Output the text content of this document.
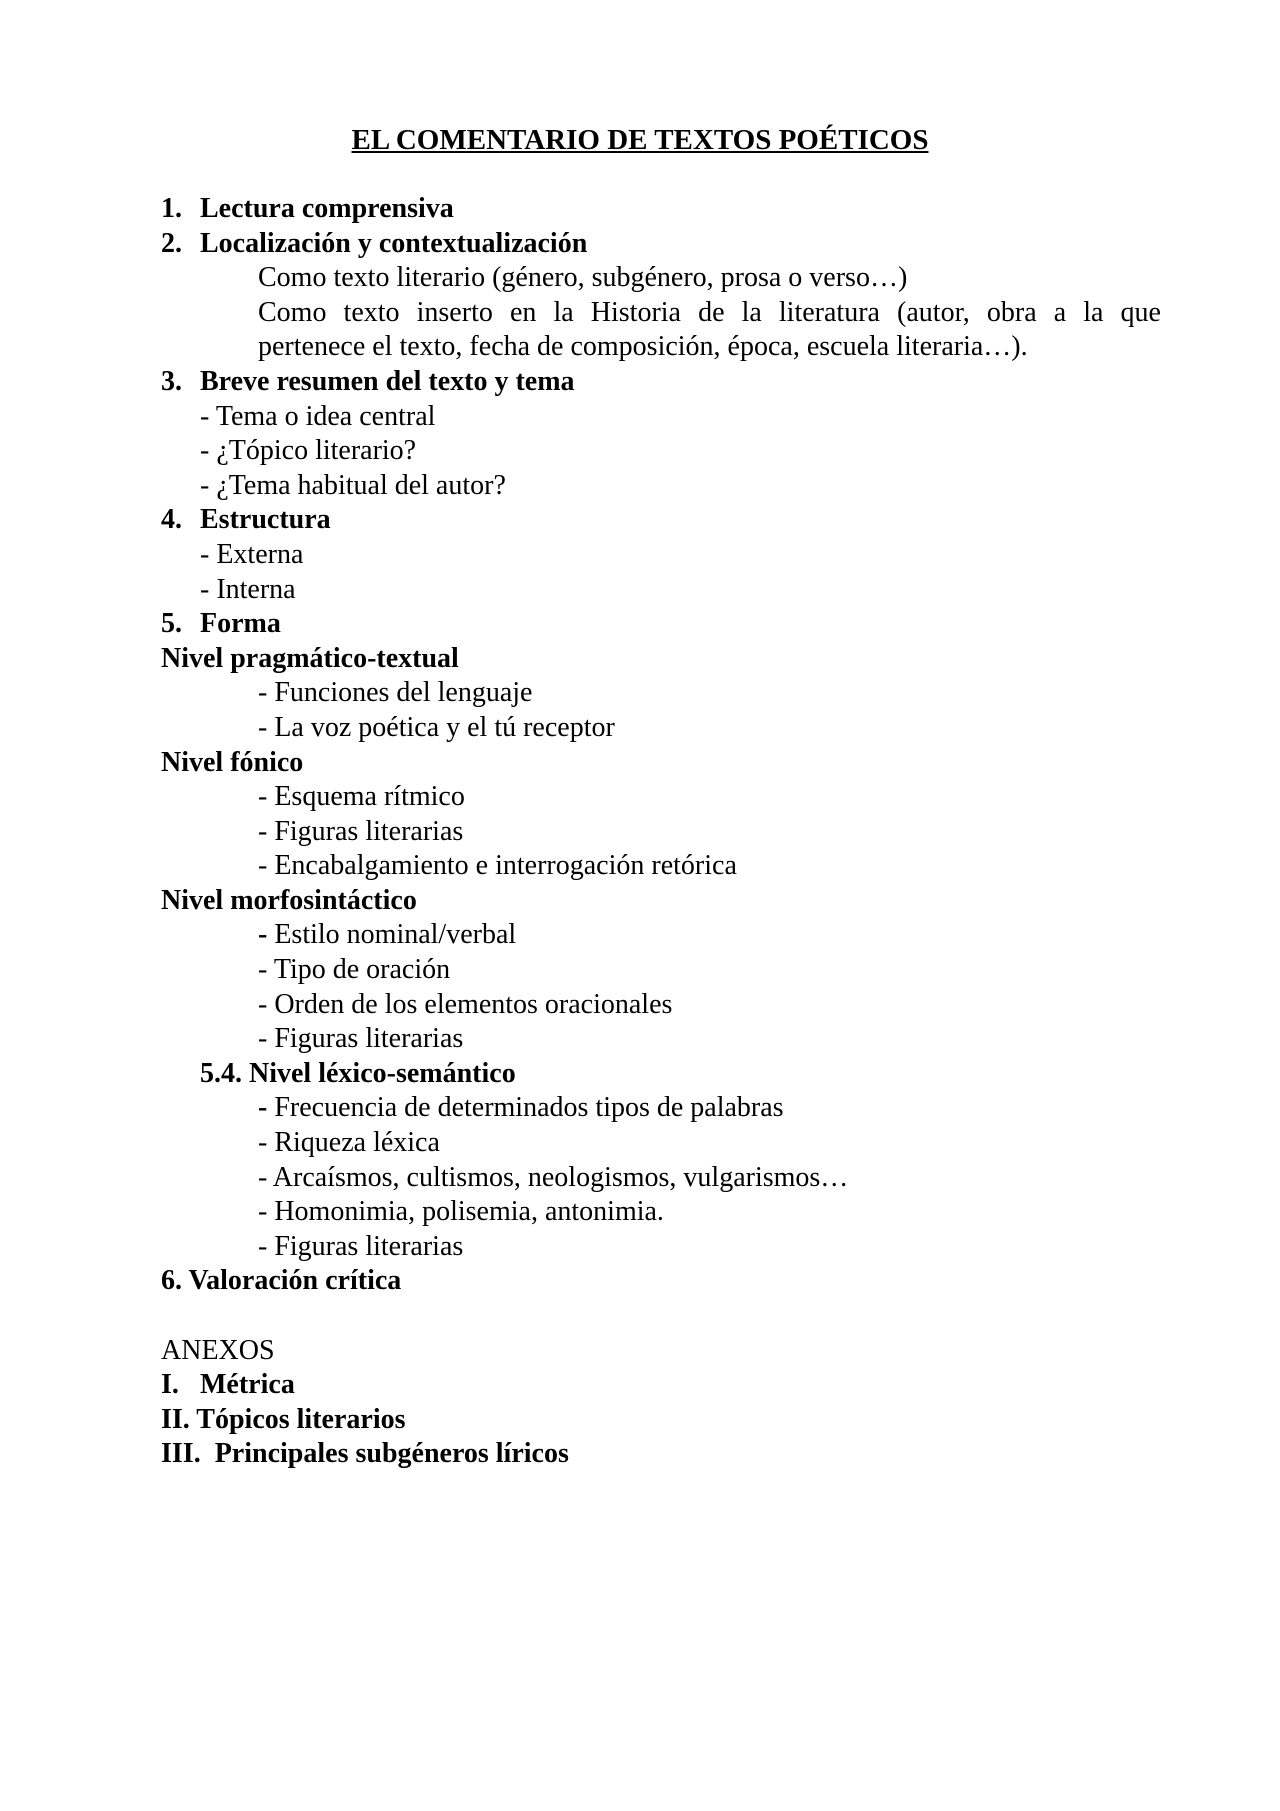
EL COMENTARIO DE TEXTOS POÉTICOS
1. Lectura comprensiva
2. Localización y contextualización
Como texto literario (género, subgénero, prosa o verso…)
Como texto inserto en la Historia de la literatura (autor, obra a la que
pertenece el texto, fecha de composición, época, escuela literaria…).
3. Breve resumen del texto y tema
- Tema o idea central
- ¿Tópico literario?
- ¿Tema habitual del autor?
4. Estructura
- Externa
- Interna
5. Forma
Nivel pragmático-textual
- Funciones del lenguaje
- La voz poética y el tú receptor
Nivel fónico
- Esquema rítmico
- Figuras literarias
- Encabalgamiento e interrogación retórica
Nivel morfosintáctico
- Estilo nominal/verbal
- Tipo de oración
- Orden de los elementos oracionales
- Figuras literarias
5.4. Nivel léxico-semántico
- Frecuencia de determinados tipos de palabras
- Riqueza léxica
- Arcaísmos, cultismos, neologismos, vulgarismos…
- Homonimia, polisemia, antonimia.
- Figuras literarias
6. Valoración crítica
ANEXOS
I. Métrica
II. Tópicos literarios
III. Principales subgéneros líricos
